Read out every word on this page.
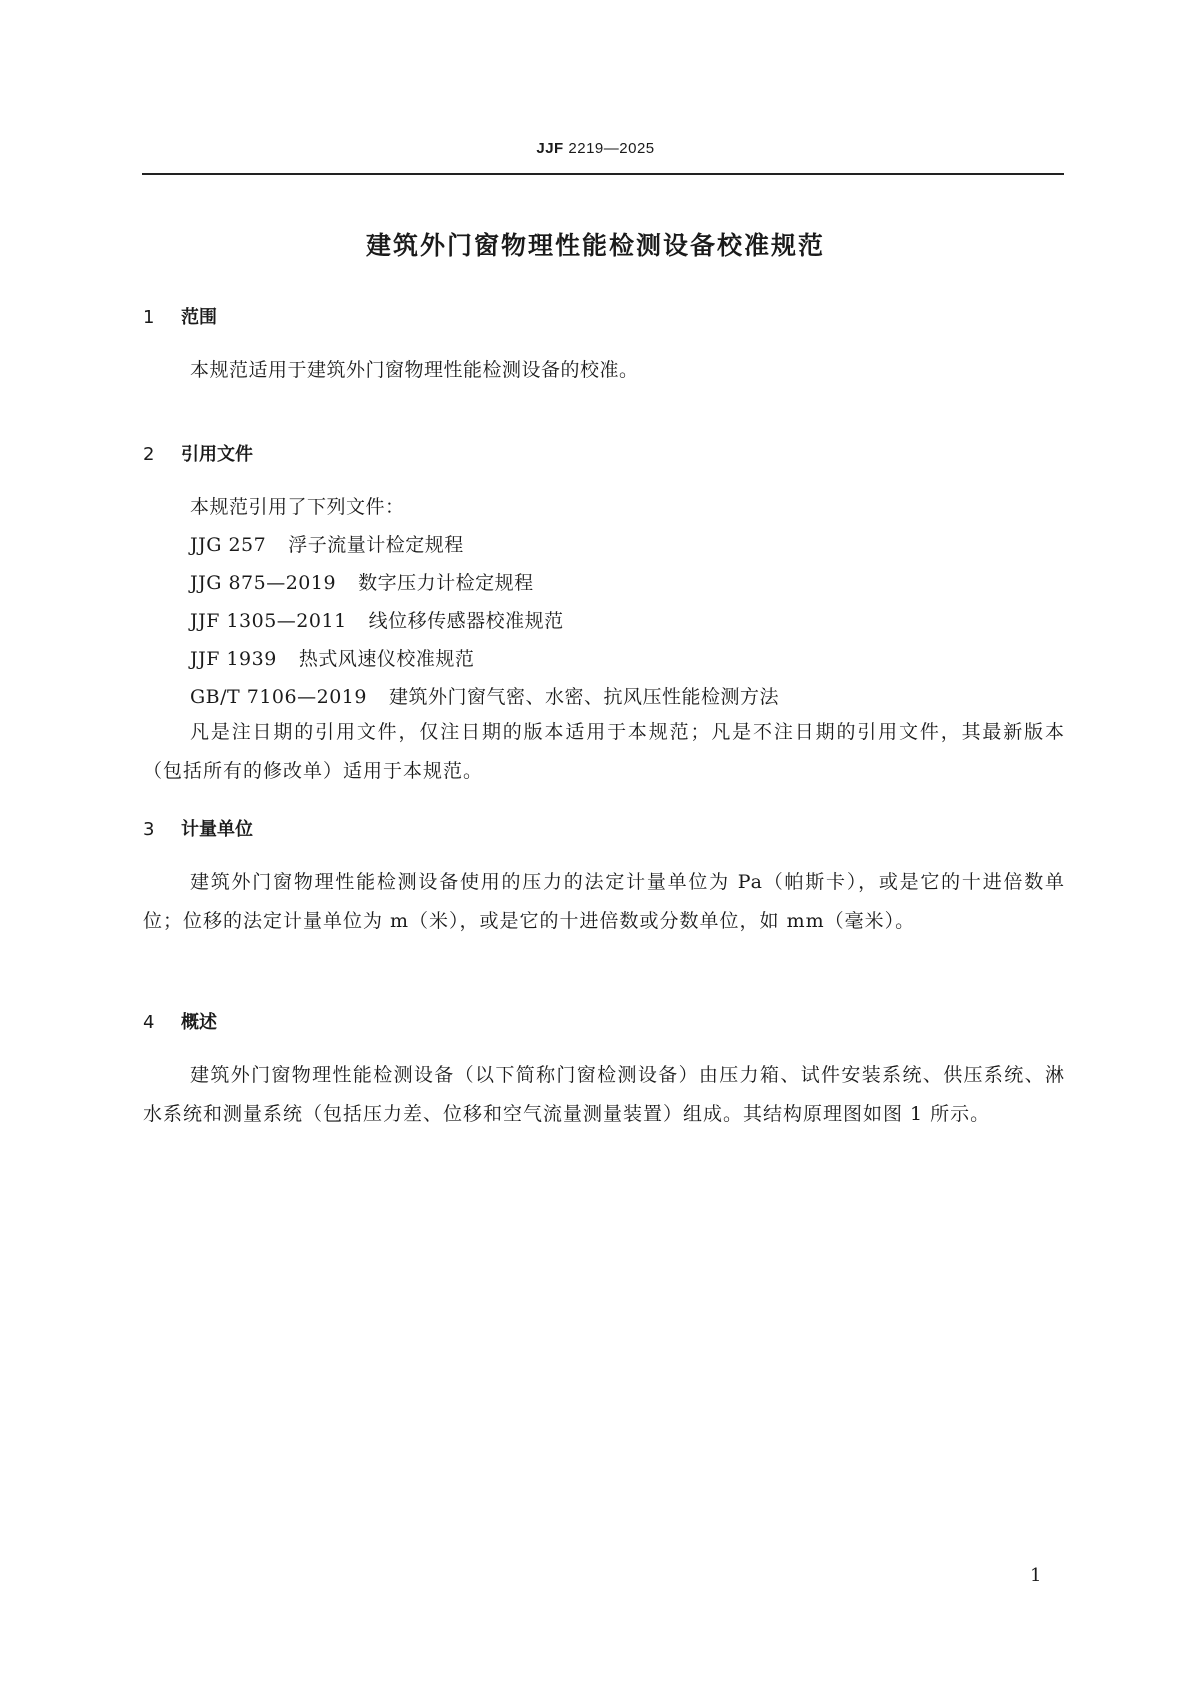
JJF 2219—2025
建筑外门窗物理性能检测设备校准规范
1 范围
本规范适用于建筑外门窗物理性能检测设备的校准。
2 引用文件
本规范引用了下列文件：
JJG 257 浮子流量计检定规程
JJG 875—2019 数字压力计检定规程
JJF 1305—2011 线位移传感器校准规范
JJF 1939 热式风速仪校准规范
GB/T 7106—2019 建筑外门窗气密、水密、抗风压性能检测方法
凡是注日期的引用文件，仅注日期的版本适用于本规范；凡是不注日期的引用文件，其最新版本（包括所有的修改单）适用于本规范。
3 计量单位
建筑外门窗物理性能检测设备使用的压力的法定计量单位为 Pa（帕斯卡），或是它的十进倍数单位；位移的法定计量单位为 m（米），或是它的十进倍数或分数单位，如 mm（毫米）。
4 概述
建筑外门窗物理性能检测设备（以下简称门窗检测设备）由压力箱、试件安装系统、供压系统、淋水系统和测量系统（包括压力差、位移和空气流量测量装置）组成。其结构原理图如图 1 所示。
1
